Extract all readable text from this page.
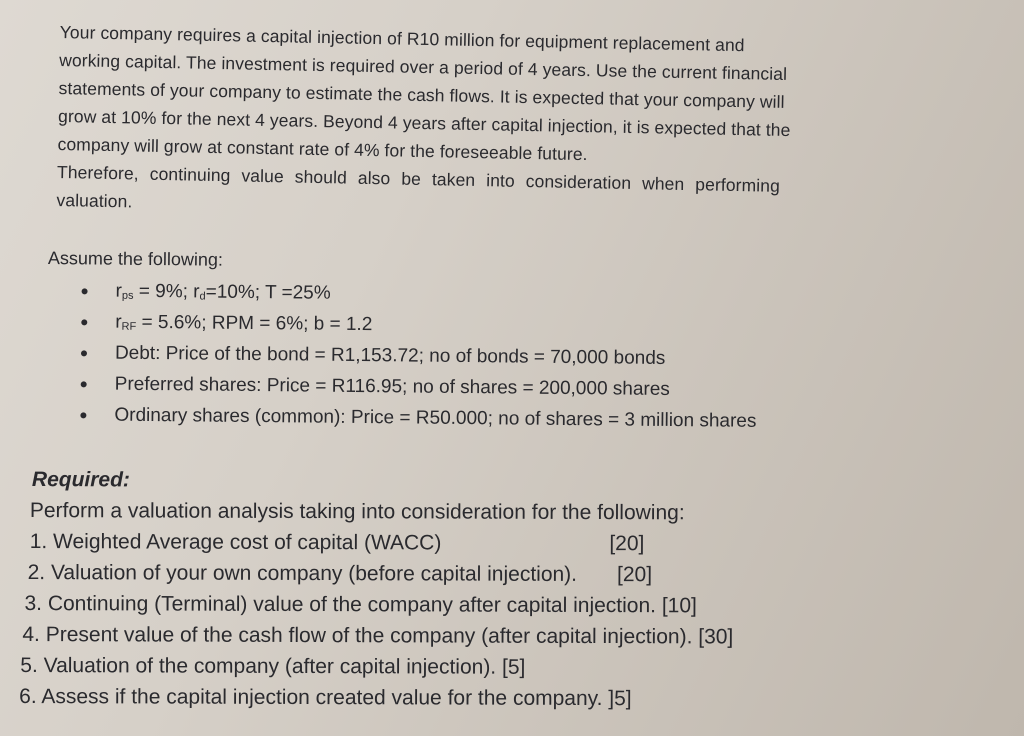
Your company requires a capital injection of R10 million for equipment replacement and

working capital. The investment is required over a period of 4 years. Use the current financial

statements of your company to estimate the cash flows. It is expected that your company will

grow at 10% for the next 4 years. Beyond 4 years after capital injection, it is expected that the

company will grow at constant rate of 4% for the foreseeable future.

Therefore, continuing value should also be taken into consideration when performing

valuation.

Assume the following:

$r_{ps} = 9\%$; $r_d=10\%$; T =25%
$r_{RF} = 5.6\%$; RPM = 6%; b = 1.2
Debt: Price of the bond = R1,153.72; no of bonds = 70,000 bonds
Preferred shares: Price = R116.95; no of shares = 200,000 shares
Ordinary shares (common): Price = R50.000; no of shares = 3 million shares

Required:

Perform a valuation analysis taking into consideration for the following:

1. Weighted Average cost of capital (WACC)	[20]
2. Valuation of your own company (before capital injection). [20]
3. Continuing (Terminal) value of the company after capital injection. [10]
4. Present value of the cash flow of the company (after capital injection). [30]
5. Valuation of the company (after capital injection). [5]
6. Assess if the capital injection created value for the company. ]5]
